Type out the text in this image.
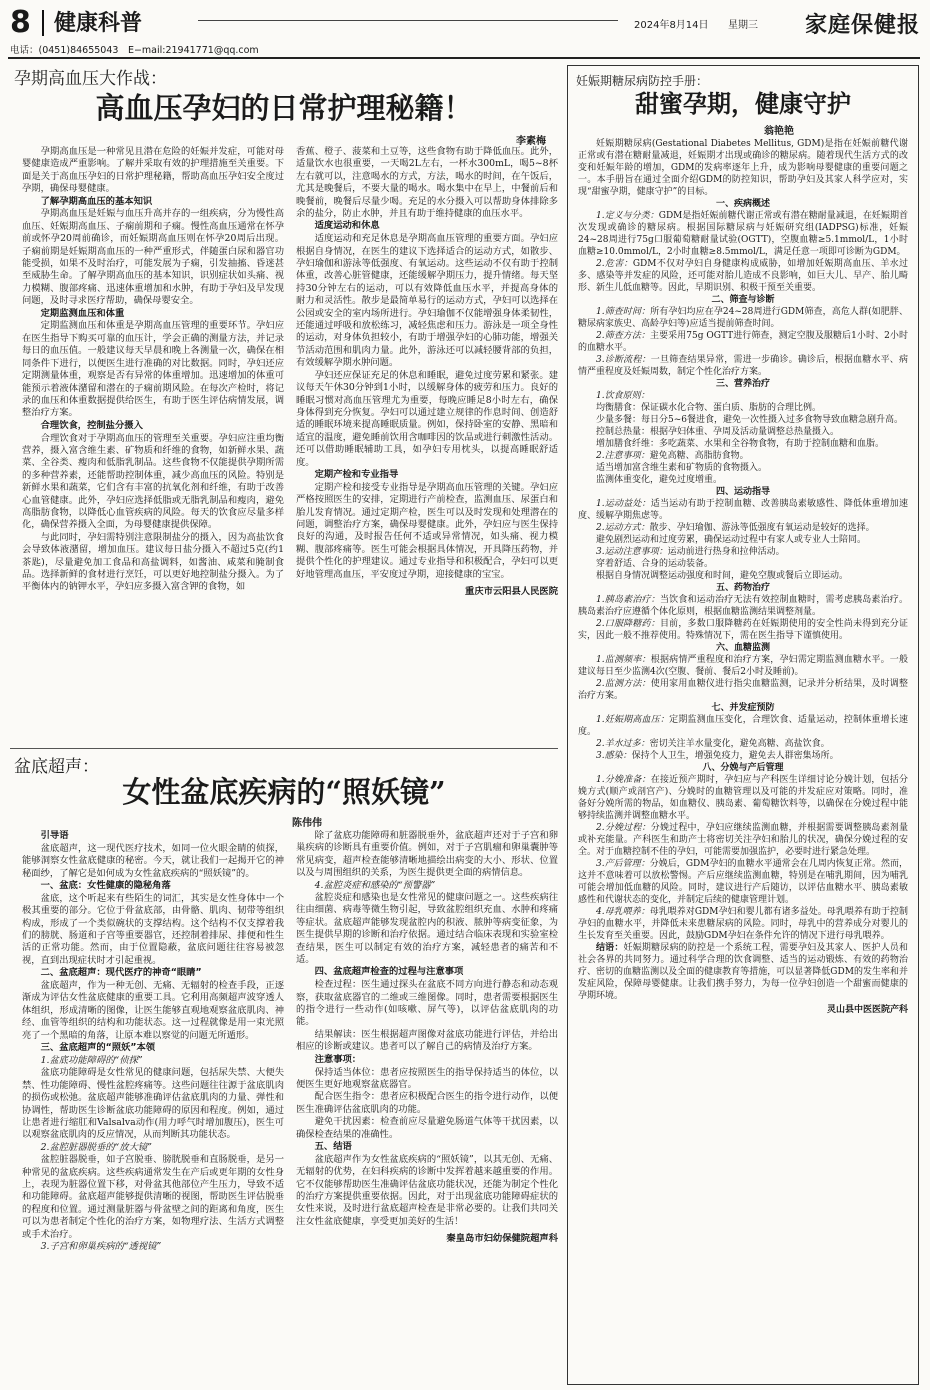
8 健康科普	2024年8月14日 星期三 家庭保健报
电话：(0451)84655043　E−mail:21941771@qq.com
孕期高血压大作战：
高血压孕妇的日常护理秘籍！
李素梅

孕期高血压是一种常见且潜在危险的妊娠并发症，可能对母婴健康造成严重影响。了解并采取有效的护理措施至关重要。下面是关于高血压孕妇的日常护理秘籍，帮助高血压孕妇安全度过孕期，确保母婴健康。

了解孕期高血压的基本知识

孕期高血压是妊娠与血压升高并存的一组疾病，分为慢性高血压、妊娠期高血压、子痫前期和子痫。慢性高血压通常在怀孕前或怀孕20周前确诊，而妊娠期高血压则在怀孕20周后出现。子痫前期是妊娠期高血压的一种严重形式，伴随蛋白尿和器官功能受损，如果不及时治疗，可能发展为子痫，引发抽搐、昏迷甚至威胁生命。了解孕期高血压的基本知识，识别症状如头痛、视力模糊、腹部疼痛、迅速体重增加和水肿，有助于孕妇及早发现问题，及时寻求医疗帮助，确保母婴安全。

定期监测血压和体重

定期监测血压和体重是孕期高血压管理的重要环节。孕妇应在医生指导下购买可靠的血压计，学会正确的测量方法，并记录每日的血压值。一般建议每天早晨和晚上各测量一次，确保在相同条件下进行，以便医生进行准确的对比数据。同时，孕妇还应定期测量体重，观察是否有异常的体重增加。迅速增加的体重可能预示着液体潴留和潜在的子痫前期风险。在每次产检时，将记录的血压和体重数据提供给医生，有助于医生评估病情发展，调整治疗方案。

合理饮食，控制盐分摄入

合理饮食对于孕期高血压的管理至关重要。孕妇应注重均衡营养，摄入富含维生素、矿物质和纤维的食物，如新鲜水果、蔬菜、全谷类、瘦肉和低脂乳制品。这些食物不仅能提供孕期所需的多种营养素，还能帮助控制体重，减少高血压的风险。特别是新鲜水果和蔬菜，它们含有丰富的抗氧化剂和纤维，有助于改善心血管健康。此外，孕妇应选择低脂或无脂乳制品和瘦肉，避免高脂肪食物，以降低心血管疾病的风险。每天的饮食应尽量多样化，确保营养摄入全面，为母婴健康提供保障。

与此同时，孕妇需特别注意限制盐分的摄入，因为高盐饮食会导致体液潴留，增加血压。建议每日盐分摄入不超过5克(约1茶匙)，尽量避免加工食品和高盐调料，如酱油、咸菜和腌制食品。选择新鲜的食材进行烹饪，可以更好地控制盐分摄入。为了平衡体内的钠钾水平，孕妇应多摄入富含钾的食物，如

香蕉、橙子、菠菜和土豆等，这些食物有助于降低血压。此外，适量饮水也很重要，一天喝2L左右，一杯水300mL，喝5~8杯左右就可以，注意喝水的方式，方法，喝水的时间，在午饭后，尤其是晚餐后，不要大量的喝水。喝水集中在早上，中餐前后和晚餐前，晚餐后尽量少喝。充足的水分摄入可以帮助身体排除多余的盐分，防止水肿，并且有助于维持健康的血压水平。

适度运动和休息

适度运动和充足休息是孕期高血压管理的重要方面。孕妇应根据自身情况，在医生的建议下选择适合的运动方式，如散步、孕妇瑜伽和游泳等低强度、有氧运动。这些运动不仅有助于控制体重，改善心脏管健康，还能缓解孕期压力，提升情绪。每天坚持30分钟左右的运动，可以有效降低血压水平，并提高身体的耐力和灵活性。散步是最简单易行的运动方式，孕妇可以选择在公园或安全的室内场所进行。孕妇瑜伽不仅能增强身体柔韧性，还能通过呼吸和放松练习，减轻焦虑和压力。游泳是一项全身性的运动，对身体负担较小，有助于增强孕妇的心肺功能，增强关节活动范围和肌肉力量。此外，游泳还可以减轻腰背部的负担，有效缓解孕期水肿问题。

孕妇还应保证充足的休息和睡眠，避免过度劳累和紧张。建议每天午休30分钟到1小时，以缓解身体的疲劳和压力。良好的睡眠习惯对高血压管理尤为重要，每晚应睡足8小时左右，确保身体得到充分恢复。孕妇可以通过建立规律的作息时间、创造舒适的睡眠环境来提高睡眠质量。例如，保持卧室的安静、黑暗和适宜的温度，避免睡前饮用含咖啡因的饮品或进行刺激性活动。还可以借助睡眠辅助工具，如孕妇专用枕头，以提高睡眠舒适度。

定期产检和专业指导

定期产检和接受专业指导是孕期高血压管理的关键。孕妇应严格按照医生的安排，定期进行产前检查，监测血压、尿蛋白和胎儿发育情况。通过定期产检，医生可以及时发现和处理潜在的问题，调整治疗方案，确保母婴健康。此外，孕妇应与医生保持良好的沟通，及时报告任何不适或异常情况，如头痛、视力模糊、腹部疼痛等。医生可能会根据具体情况，开具降压药物，并提供个性化的护理建议。通过专业指导和积极配合，孕妇可以更好地管理高血压，平安度过孕期，迎接健康的宝宝。

重庆市云阳县人民医院
盆底超声：
女性盆底疾病的“照妖镜”
陈伟伟
引导语

盆底超声，这一现代医疗技术，如同一位火眼金睛的侦探，能够洞察女性盆底健康的秘密。今天，就让我们一起揭开它的神秘面纱，了解它是如何成为女性盆底疾病的“照妖镜”的。

一、盆底：女性健康的隐秘角落

盆底，这个听起来有些陌生的词汇，其实是女性身体中一个极其重要的部分。它位于骨盆底部，由骨骼、肌肉、韧带等组织构成，形成了一个类似碗状的支撑结构。这个结构不仅支撑着我们的膀胱、肠道和子宫等重要器官，还控制着排尿、排便和性生活的正常功能。然而，由于位置隐蔽，盆底问题往往容易被忽视，直到出现症状时才引起重视。

二、盆底超声：现代医疗的神奇“眼睛”

盆底超声，作为一种无创、无痛、无辐射的检查手段，正逐渐成为评估女性盆底健康的重要工具。它利用高频超声波穿透人体组织，形成清晰的图像，让医生能够直观地观察盆底肌肉、神经、血管等组织的结构和功能状态。这一过程就像是用一束光照亮了一个黑暗的角落，让原本难以察觉的问题无所遁形。

三、盆底超声的“照妖”本领

1.盆底功能障碍的“侦探”

盆底功能障碍是女性常见的健康问题，包括尿失禁、大便失禁、性功能障碍、慢性盆腔疼痛等。这些问题往往源于盆底肌肉的损伤或松弛。盆底超声能够准确评估盆底肌肉的力量、弹性和协调性，帮助医生诊断盆底功能障碍的原因和程度。例如，通过让患者进行缩肛和Valsalva动作(用力呼气时增加腹压)，医生可以观察盆底肌肉的反应情况，从而判断其功能状态。

2.盆腔脏器脱垂的“放大镜”

盆腔脏器脱垂，如子宫脱垂、膀胱脱垂和直肠脱垂，是另一种常见的盆底疾病。这些疾病通常发生在产后或更年期的女性身上，表现为脏器位置下移，对骨盆其他部位产生压力，导致不适和功能障碍。盆底超声能够提供清晰的视图，帮助医生评估脱垂的程度和位置。通过测量脏器与骨盆壁之间的距离和角度，医生可以为患者制定个性化的治疗方案，如物理疗法、生活方式调整或手术治疗。

3.子宫和卵巢疾病的“透视镜”

除了盆底功能障碍和脏器脱垂外，盆底超声还对于子宫和卵巢疾病的诊断具有重要价值。例如，对于子宫肌瘤和卵巢囊肿等常见病变，超声检查能够清晰地描绘出病变的大小、形状、位置以及与周围组织的关系，为医生提供更全面的病情信息。

4.盆腔炎症和感染的“预警器”

盆腔炎症和感染也是女性常见的健康问题之一。这些疾病往往由细菌、病毒等微生物引起，导致盆腔组织充血、水肿和疼痛等症状。盆底超声能够发现盆腔内的积液、脓肿等病变征象，为医生提供早期的诊断和治疗依据。通过结合临床表现和实验室检查结果，医生可以制定有效的治疗方案，减轻患者的痛苦和不适。

四、盆底超声检查的过程与注意事项

检查过程：医生通过探头在盆底不同方向进行静态和动态观察，获取盆底器官的二维或三维图像。同时，患者需要根据医生的指令进行一些动作(如咳嗽、屏气等)，以评估盆底肌肉的功能。

结果解读：医生根据超声图像对盆底功能进行评估，并给出相应的诊断或建议。患者可以了解自己的病情及治疗方案。

注意事项：

保持适当体位：患者应按照医生的指导保持适当的体位，以便医生更好地观察盆底器官。

配合医生指令：患者应积极配合医生的指令进行动作，以便医生准确评估盆底肌肉的功能。

避免干扰因素：检查前应尽量避免肠道气体等干扰因素，以确保检查结果的准确性。

五、结语

盆底超声作为女性盆底疾病的“照妖镜”，以其无创、无痛、无辐射的优势，在妇科疾病的诊断中发挥着越来越重要的作用。它不仅能够帮助医生准确评估盆底功能状况，还能为制定个性化的治疗方案提供重要依据。因此，对于出现盆底功能障碍症状的女性来说，及时进行盆底超声检查是非常必要的。让我们共同关注女性盆底健康，享受更加美好的生活！

秦皇岛市妇幼保健院超声科
妊娠期糖尿病防控手册：
甜蜜孕期，健康守护
翁艳艳

妊娠期糖尿病(Gestational Diabetes Mellitus, GDM)是指在妊娠前糖代谢正常或有潜在糖耐量减退，妊娠期才出现或确诊的糖尿病。随着现代生活方式的改变和妊娠年龄的增加，GDM的发病率逐年上升，成为影响母婴健康的重要问题之一。本手册旨在通过全面介绍GDM的防控知识，帮助孕妇及其家人科学应对，实现“甜蜜孕期，健康守护”的目标。

一、疾病概述

1.定义与分类：GDM是指妊娠前糖代谢正常或有潜在糖耐量减退，在妊娠期首次发现或确诊的糖尿病。根据国际糖尿病与妊娠研究组(IADPSG)标准，妊娠24~28周进行75g口服葡萄糖耐量试验(OGTT)，空腹血糖≥5.1mmol/L，1小时血糖≥10.0mmol/L，2小时血糖≥8.5mmol/L，满足任意一项即可诊断为GDM。

2.危害：GDM不仅对孕妇自身健康构成威胁，如增加妊娠期高血压、羊水过多、感染等并发症的风险，还可能对胎儿造成不良影响，如巨大儿、早产、胎儿畸形、新生儿低血糖等。因此，早期识别、积极干预至关重要。

二、筛查与诊断

1.筛查时间：所有孕妇均应在孕24~28周进行GDM筛查，高危人群(如肥胖、糖尿病家族史、高龄孕妇等)应适当提前筛查时间。

2.筛查方法：主要采用75g OGTT进行筛查，测定空腹及服糖后1小时、2小时的血糖水平。

3.诊断流程：一旦筛查结果异常，需进一步确诊。确诊后，根据血糖水平、病情严重程度及妊娠周数，制定个性化治疗方案。

三、营养治疗

1.饮食原则：

均衡膳食：保证碳水化合物、蛋白质、脂肪的合理比例。

少量多餐：每日分5~6餐进食，避免一次性摄入过多食物导致血糖急剧升高。

控制总热量：根据孕妇体重、孕周及活动量调整总热量摄入。

增加膳食纤维：多吃蔬菜、水果和全谷物食物，有助于控制血糖和血脂。

2.注意事项：避免高糖、高脂肪食物。

适当增加富含维生素和矿物质的食物摄入。

监测体重变化，避免过度增重。

四、运动指导

1.运动益处：适当运动有助于控制血糖、改善胰岛素敏感性、降低体重增加速度、缓解孕期焦虑等。

2.运动方式：散步、孕妇瑜伽、游泳等低强度有氧运动是较好的选择。

避免剧烈运动和过度劳累，确保运动过程中有家人或专业人士陪同。

3.运动注意事项：运动前进行热身和拉伸活动。

穿着舒适、合身的运动装备。

根据自身情况调整运动强度和时间，避免空腹或餐后立即运动。

五、药物治疗

1.胰岛素治疗：当饮食和运动治疗无法有效控制血糖时，需考虑胰岛素治疗。胰岛素治疗应遵循个体化原则，根据血糖监测结果调整剂量。

2.口服降糖药：目前，多数口服降糖药在妊娠期使用的安全性尚未得到充分证实，因此一般不推荐使用。特殊情况下，需在医生指导下谨慎使用。

六、血糖监测

1.监测频率：根据病情严重程度和治疗方案，孕妇需定期监测血糖水平。一般建议每日至少监测4次(空腹、餐前、餐后2小时及睡前)。

2.监测方法：使用家用血糖仪进行指尖血糖监测，记录并分析结果，及时调整治疗方案。

七、并发症预防

1.妊娠期高血压：定期监测血压变化，合理饮食、适量运动，控制体重增长速度。

2.羊水过多：密切关注羊水量变化，避免高糖、高盐饮食。

3.感染：保持个人卫生，增强免疫力，避免去人群密集场所。

八、分娩与产后管理

1.分娩准备：在接近预产期时，孕妇应与产科医生详细讨论分娩计划，包括分娩方式(顺产或剖宫产)、分娩时的血糖管理以及可能的并发症应对策略。同时，准备好分娩所需的物品，如血糖仪、胰岛素、葡萄糖饮料等，以确保在分娩过程中能够持续监测并调整血糖水平。

2.分娩过程：分娩过程中，孕妇应继续监测血糖，并根据需要调整胰岛素剂量或补充能量。产科医生和助产士将密切关注孕妇和胎儿的状况，确保分娩过程的安全。对于血糖控制不佳的孕妇，可能需要加强监护，必要时进行紧急处理。

3.产后管理：分娩后，GDM孕妇的血糖水平通常会在几周内恢复正常。然而，这并不意味着可以放松警惕。产后应继续监测血糖，特别是在哺乳期间，因为哺乳可能会增加低血糖的风险。同时，建议进行产后随访，以评估血糖水平、胰岛素敏感性和代谢状态的变化，并制定后续的健康管理计划。

4.母乳喂养：母乳喂养对GDM孕妇和婴儿都有诸多益处。母乳喂养有助于控制孕妇的血糖水平，并降低未来患糖尿病的风险。同时，母乳中的营养成分对婴儿的生长发育至关重要。因此，鼓励GDM孕妇在条件允许的情况下进行母乳喂养。

结语：妊娠期糖尿病的防控是一个系统工程，需要孕妇及其家人、医护人员和社会各界的共同努力。通过科学合理的饮食调整、适当的运动锻炼、有效的药物治疗、密切的血糖监测以及全面的健康教育等措施，可以显著降低GDM的发生率和并发症风险，保障母婴健康。让我们携手努力，为每一位孕妇创造一个甜蜜而健康的孕期环境。

灵山县中医医院产科
